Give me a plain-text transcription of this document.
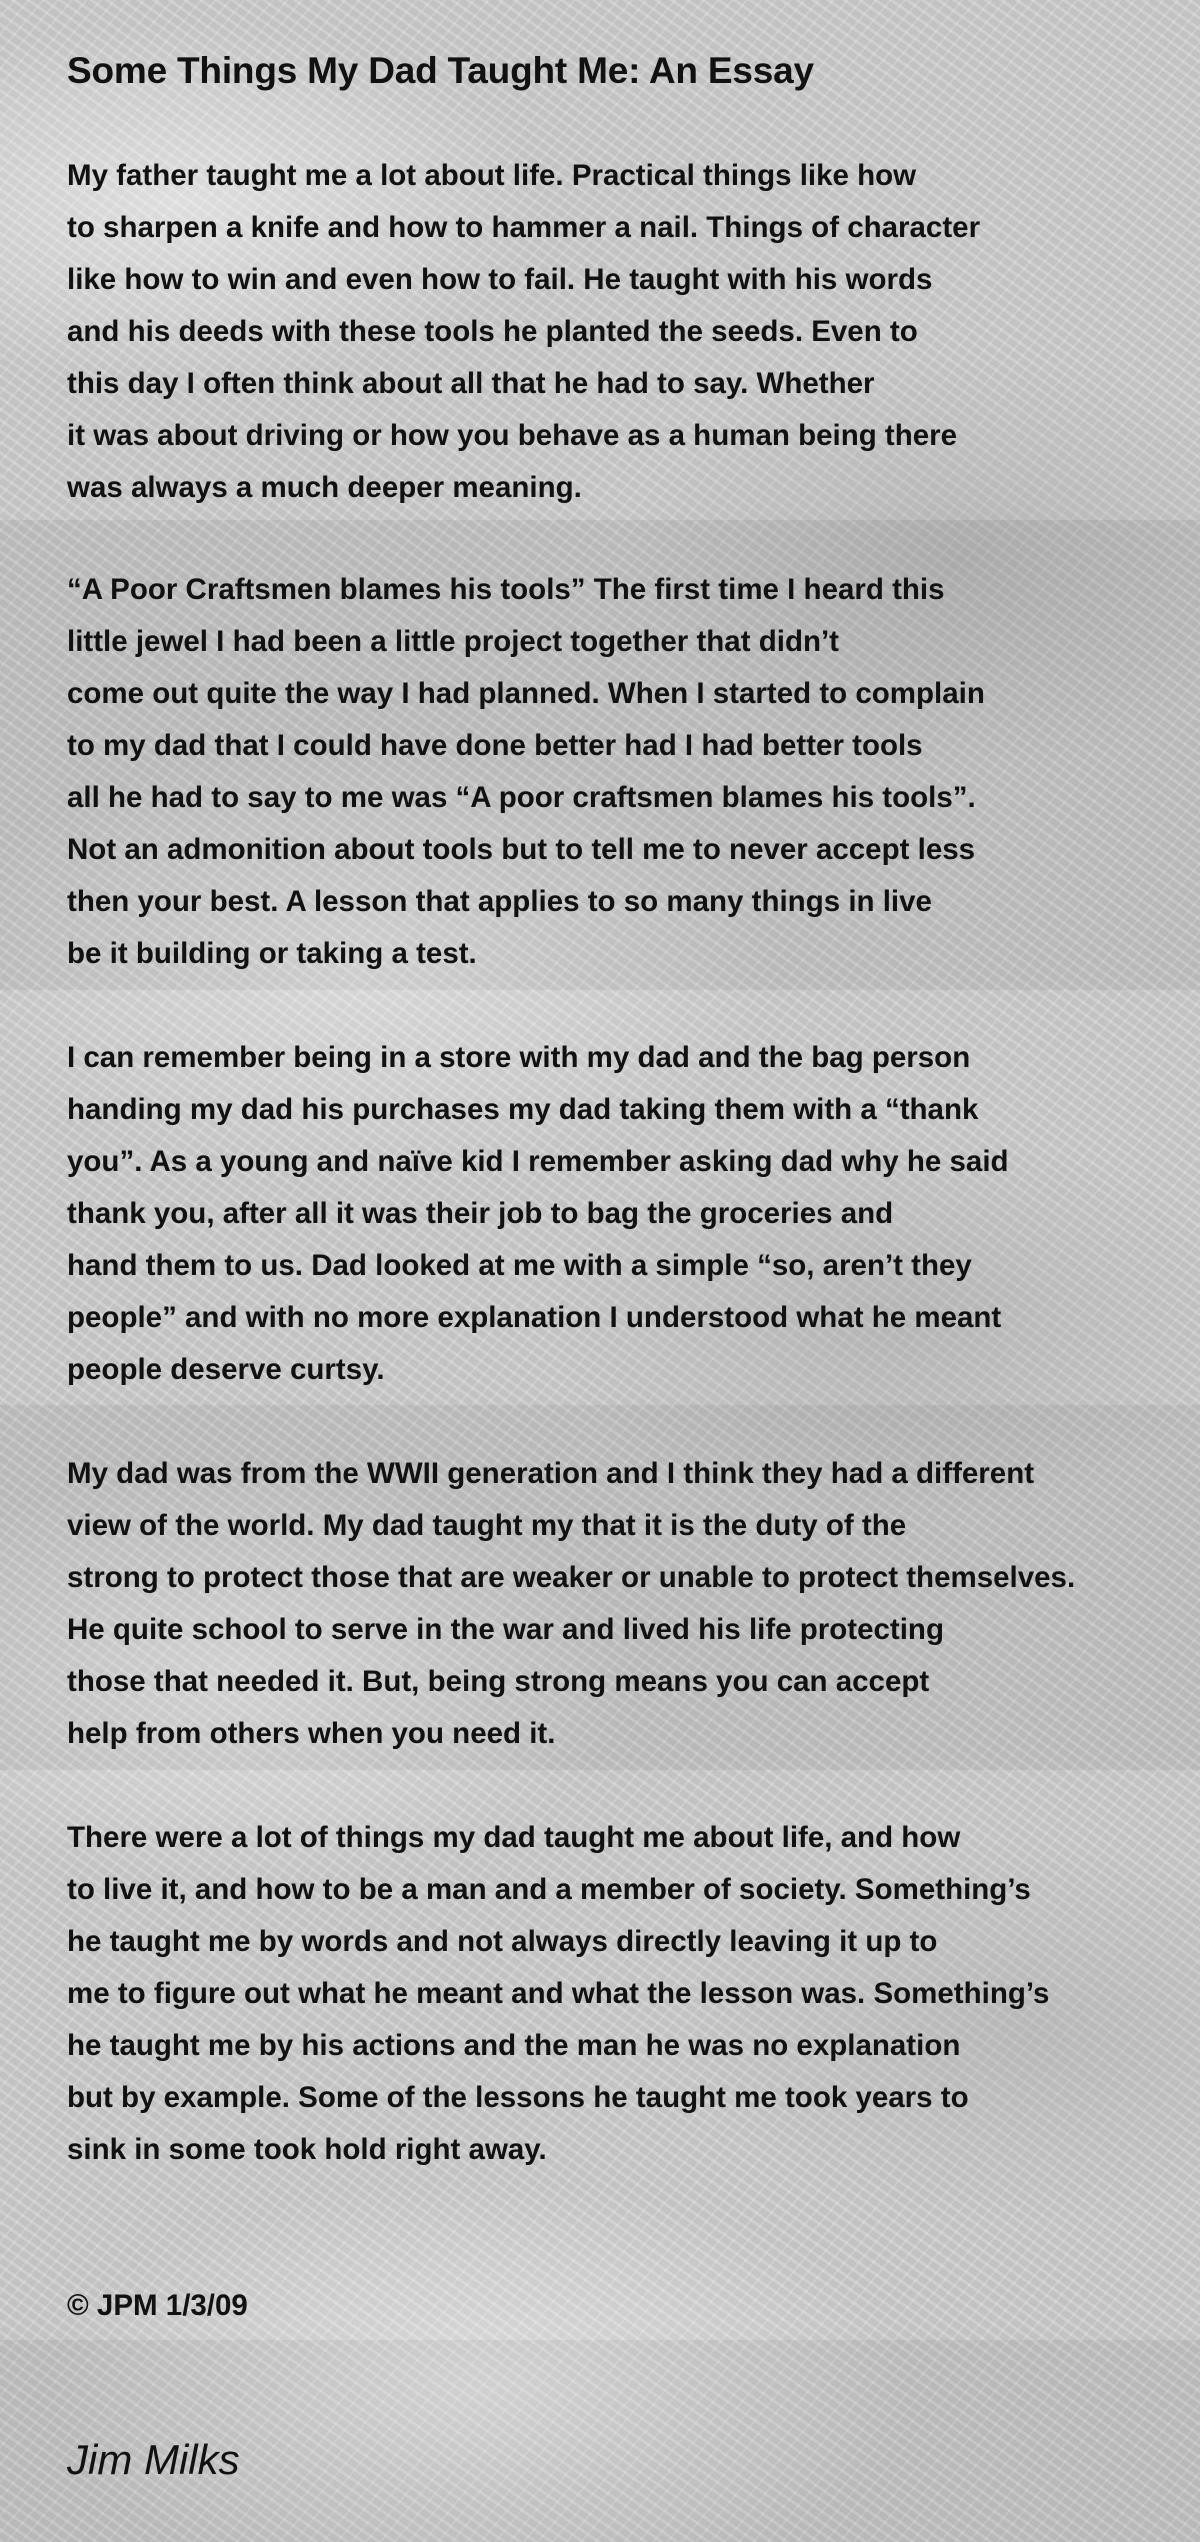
Some Things My Dad Taught Me: An Essay
My father taught me a lot about life. Practical things like how
to sharpen a knife and how to hammer a nail. Things of character
like how to win and even how to fail. He taught with his words
and his deeds with these tools he planted the seeds. Even to
this day I often think about all that he had to say. Whether
it was about driving or how you behave as a human being there
was always a much deeper meaning.
“A Poor Craftsmen blames his tools” The first time I heard this
little jewel I had been a little project together that didn’t
come out quite the way I had planned. When I started to complain
to my dad that I could have done better had I had better tools
all he had to say to me was “A poor craftsmen blames his tools”.
Not an admonition about tools but to tell me to never accept less
then your best. A lesson that applies to so many things in live
be it building or taking a test.
I can remember being in a store with my dad and the bag person
handing my dad his purchases my dad taking them with a “thank
you”. As a young and naïve kid I remember asking dad why he said
thank you, after all it was their job to bag the groceries and
hand them to us. Dad looked at me with a simple “so, aren’t they
people” and with no more explanation I understood what he meant
people deserve curtsy.
My dad was from the WWII generation and I think they had a different
view of the world. My dad taught my that it is the duty of the
strong to protect those that are weaker or unable to protect themselves.
He quite school to serve in the war and lived his life protecting
those that needed it. But, being strong means you can accept
help from others when you need it.
There were a lot of things my dad taught me about life, and how
to live it, and how to be a man and a member of society. Something’s
he taught me by words and not always directly leaving it up to
me to figure out what he meant and what the lesson was. Something’s
he taught me by his actions and the man he was no explanation
but by example. Some of the lessons he taught me took years to
sink in some took hold right away.
© JPM 1/3/09
Jim Milks
